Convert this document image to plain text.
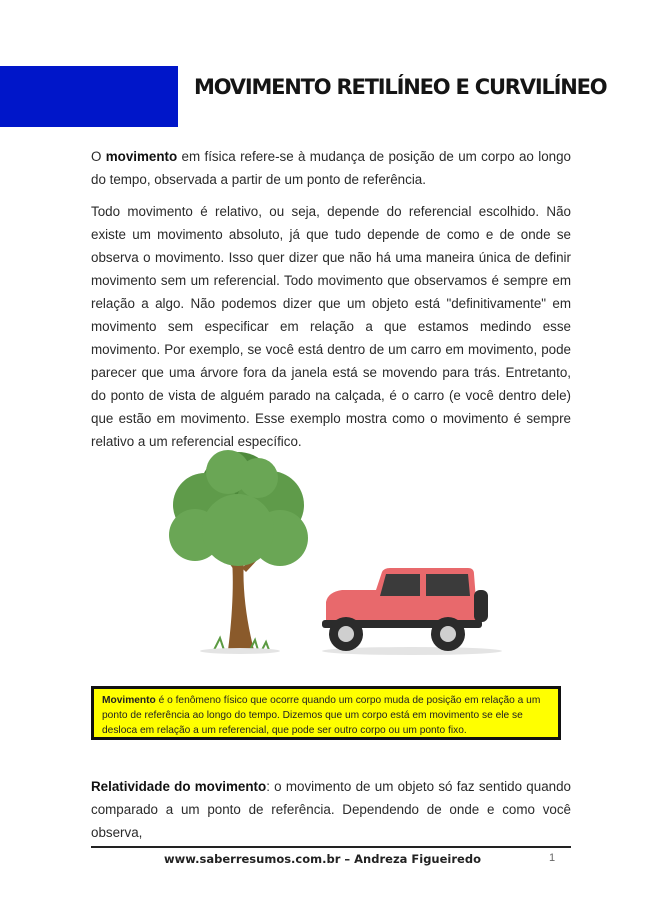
MOVIMENTO RETILÍNEO E CURVILÍNEO
O movimento em física refere-se à mudança de posição de um corpo ao longo do tempo, observada a partir de um ponto de referência.
Todo movimento é relativo, ou seja, depende do referencial escolhido. Não existe um movimento absoluto, já que tudo depende de como e de onde se observa o movimento. Isso quer dizer que não há uma maneira única de definir movimento sem um referencial. Todo movimento que observamos é sempre em relação a algo. Não podemos dizer que um objeto está "definitivamente" em movimento sem especificar em relação a que estamos medindo esse movimento. Por exemplo, se você está dentro de um carro em movimento, pode parecer que uma árvore fora da janela está se movendo para trás. Entretanto, do ponto de vista de alguém parado na calçada, é o carro (e você dentro dele) que estão em movimento. Esse exemplo mostra como o movimento é sempre relativo a um referencial específico.
Movimento é o fenômeno físico que ocorre quando um corpo muda de posição em relação a um ponto de referência ao longo do tempo. Dizemos que um corpo está em movimento se ele se desloca em relação a um referencial, que pode ser outro corpo ou um ponto fixo.
Relatividade do movimento: o movimento de um objeto só faz sentido quando comparado a um ponto de referência. Dependendo de onde e como você observa,
www.saberresumos.com.br – Andreza Figueiredo	1
